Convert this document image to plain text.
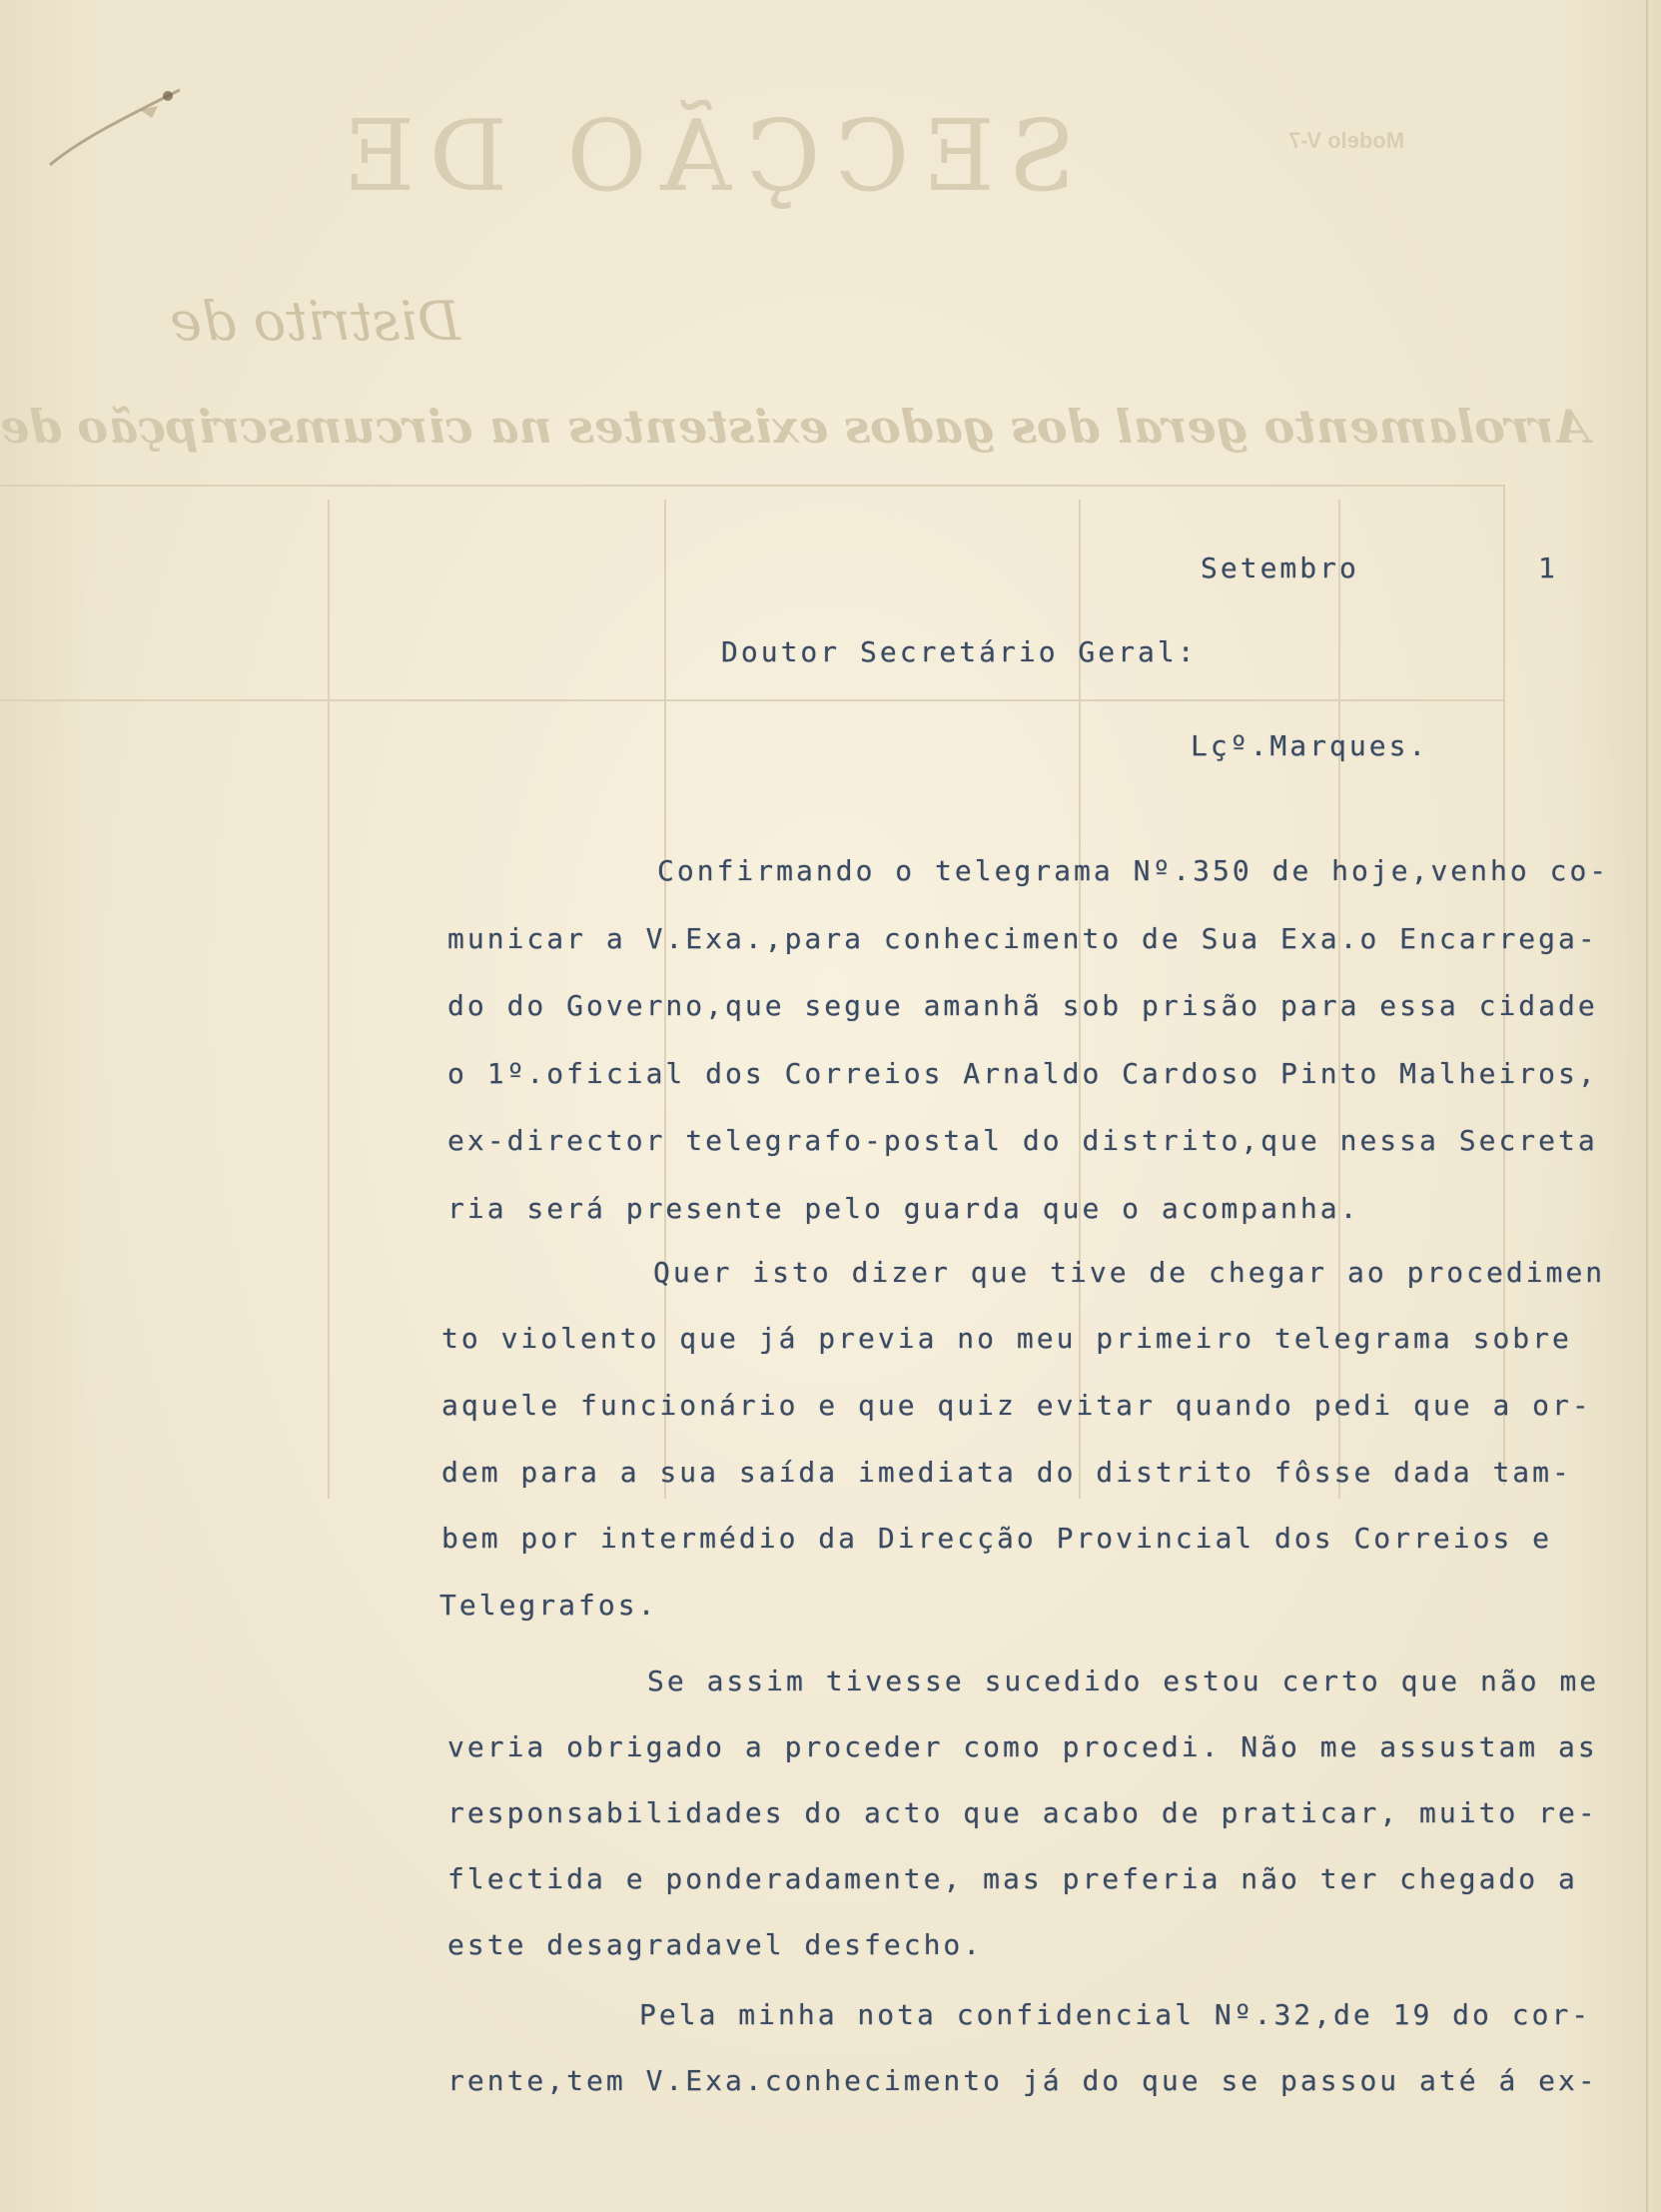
SECÇÃO DE
Distrito de
Arrolamento geral dos gados existentes na circumscripção de
Modelo V-7
Setembro	1
Doutor Secretário Geral:
Lçº.Marques.
Confirmando o telegrama Nº.350 de hoje,venho co-
municar a V.Exa.,para conhecimento de Sua Exa.o Encarrega-
do do Governo,que segue amanhã sob prisão para essa cidade
o 1º.oficial dos Correios Arnaldo Cardoso Pinto Malheiros,
ex-director telegrafo-postal do distrito,que nessa Secreta
ria será presente pelo guarda que o acompanha.
Quer isto dizer que tive de chegar ao procedimen
to violento que já previa no meu primeiro telegrama sobre
aquele funcionário e que quiz evitar quando pedi que a or-
dem para a sua saída imediata do distrito fôsse dada tam-
bem por intermédio da Direcção Provincial dos Correios e
Telegrafos.
Se assim tivesse sucedido estou certo que não me
veria obrigado a proceder como procedi. Não me assustam as
responsabilidades do acto que acabo de praticar, muito re-
flectida e ponderadamente, mas preferia não ter chegado a
este desagradavel desfecho.
Pela minha nota confidencial Nº.32,de 19 do cor-
rente,tem V.Exa.conhecimento já do que se passou até á ex-
